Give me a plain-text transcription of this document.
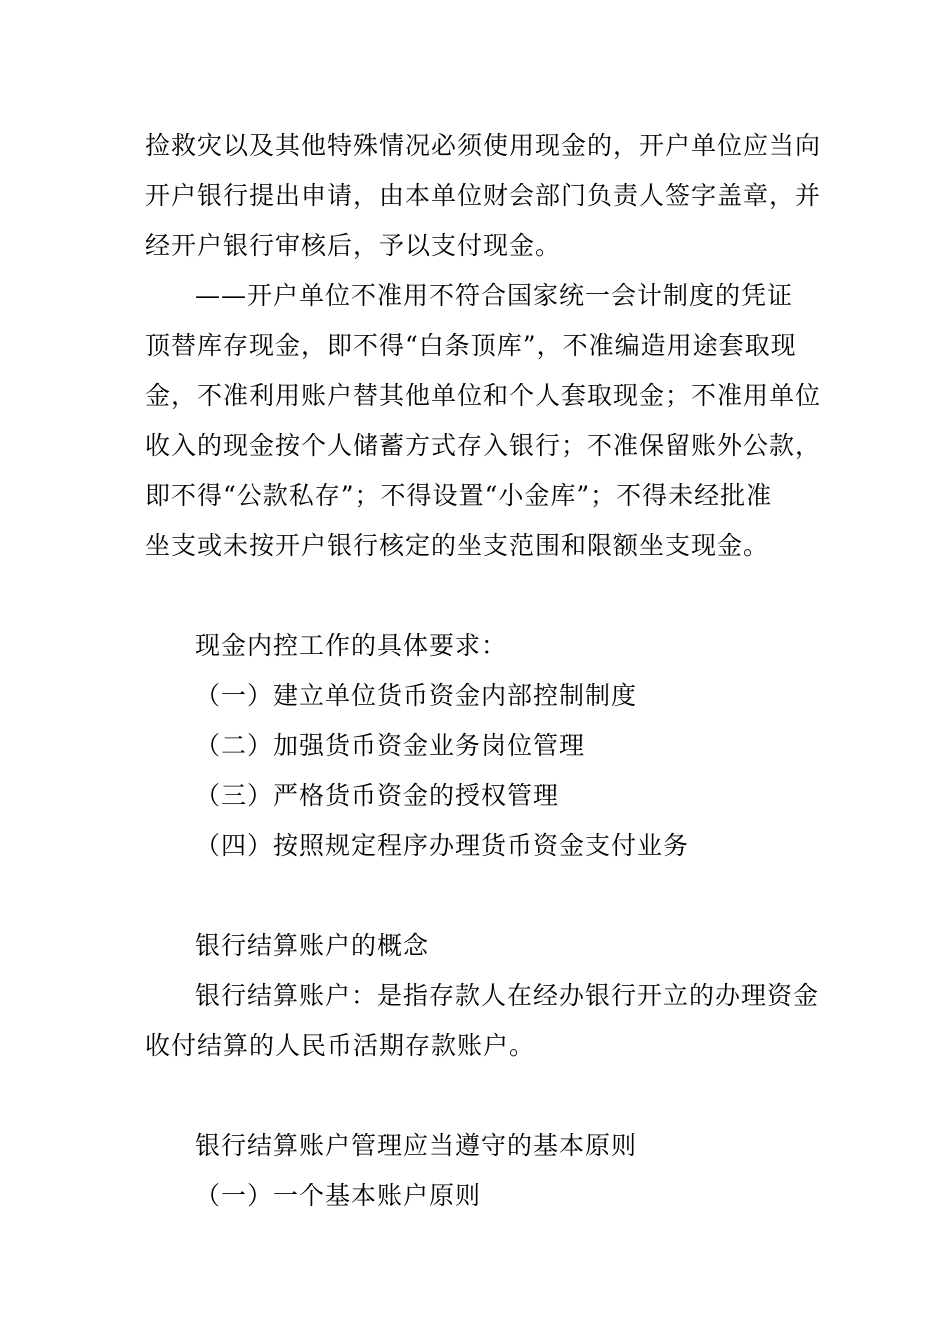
捡救灾以及其他特殊情况必须使用现金的，开户单位应当向
开户银行提出申请，由本单位财会部门负责人签字盖章，并
经开户银行审核后，予以支付现金。
——开户单位不准用不符合国家统一会计制度的凭证
顶替库存现金，即不得“白条顶库”，不准编造用途套取现
金，不准利用账户替其他单位和个人套取现金；不准用单位
收入的现金按个人储蓄方式存入银行；不准保留账外公款，
即不得“公款私存”；不得设置“小金库”；不得未经批准
坐支或未按开户银行核定的坐支范围和限额坐支现金。
现金内控工作的具体要求：
（一）建立单位货币资金内部控制制度
（二）加强货币资金业务岗位管理
（三）严格货币资金的授权管理
（四）按照规定程序办理货币资金支付业务
银行结算账户的概念
银行结算账户：是指存款人在经办银行开立的办理资金
收付结算的人民币活期存款账户。
银行结算账户管理应当遵守的基本原则
（一）一个基本账户原则
